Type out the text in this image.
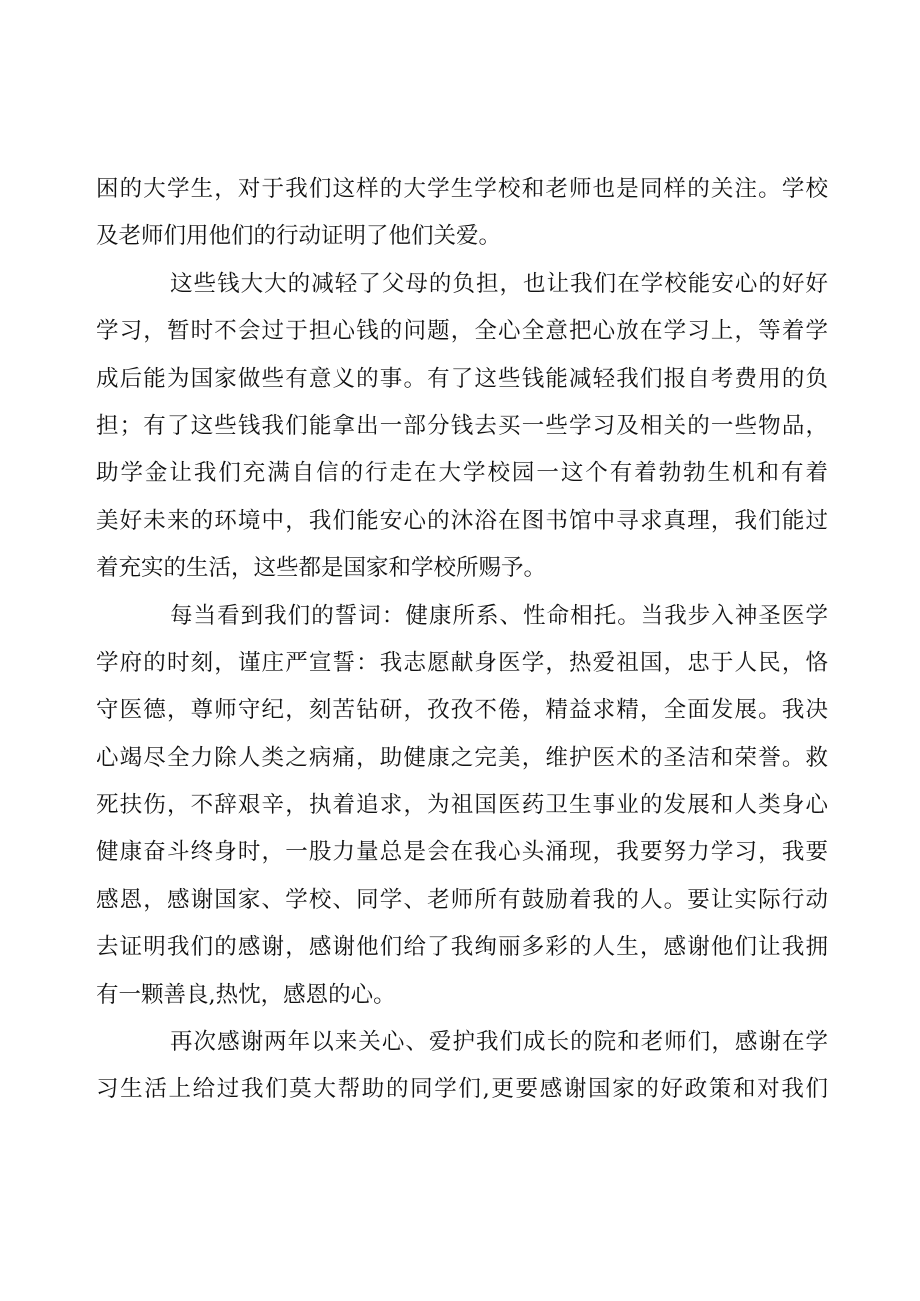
困的大学生，对于我们这样的大学生学校和老师也是同样的关注。学校
及老师们用他们的行动证明了他们关爱。
这些钱大大的减轻了父母的负担，也让我们在学校能安心的好好
学习，暂时不会过于担心钱的问题，全心全意把心放在学习上，等着学
成后能为国家做些有意义的事。有了这些钱能减轻我们报自考费用的负
担；有了这些钱我们能拿出一部分钱去买一些学习及相关的一些物品，
助学金让我们充满自信的行走在大学校园一这个有着勃勃生机和有着
美好未来的环境中，我们能安心的沐浴在图书馆中寻求真理，我们能过
着充实的生活，这些都是国家和学校所赐予。
每当看到我们的誓词：健康所系、性命相托。当我步入神圣医学
学府的时刻，谨庄严宣誓：我志愿献身医学，热爱祖国，忠于人民，恪
守医德，尊师守纪，刻苦钻研，孜孜不倦，精益求精，全面发展。我决
心竭尽全力除人类之病痛，助健康之完美，维护医术的圣洁和荣誉。救
死扶伤，不辞艰辛，执着追求，为祖国医药卫生事业的发展和人类身心
健康奋斗终身时，一股力量总是会在我心头涌现，我要努力学习，我要
感恩，感谢国家、学校、同学、老师所有鼓励着我的人。要让实际行动
去证明我们的感谢，感谢他们给了我绚丽多彩的人生，感谢他们让我拥
有一颗善良,热忱，感恩的心。
再次感谢两年以来关心、爱护我们成长的院和老师们，感谢在学
习生活上给过我们莫大帮助的同学们,更要感谢国家的好政策和对我们
